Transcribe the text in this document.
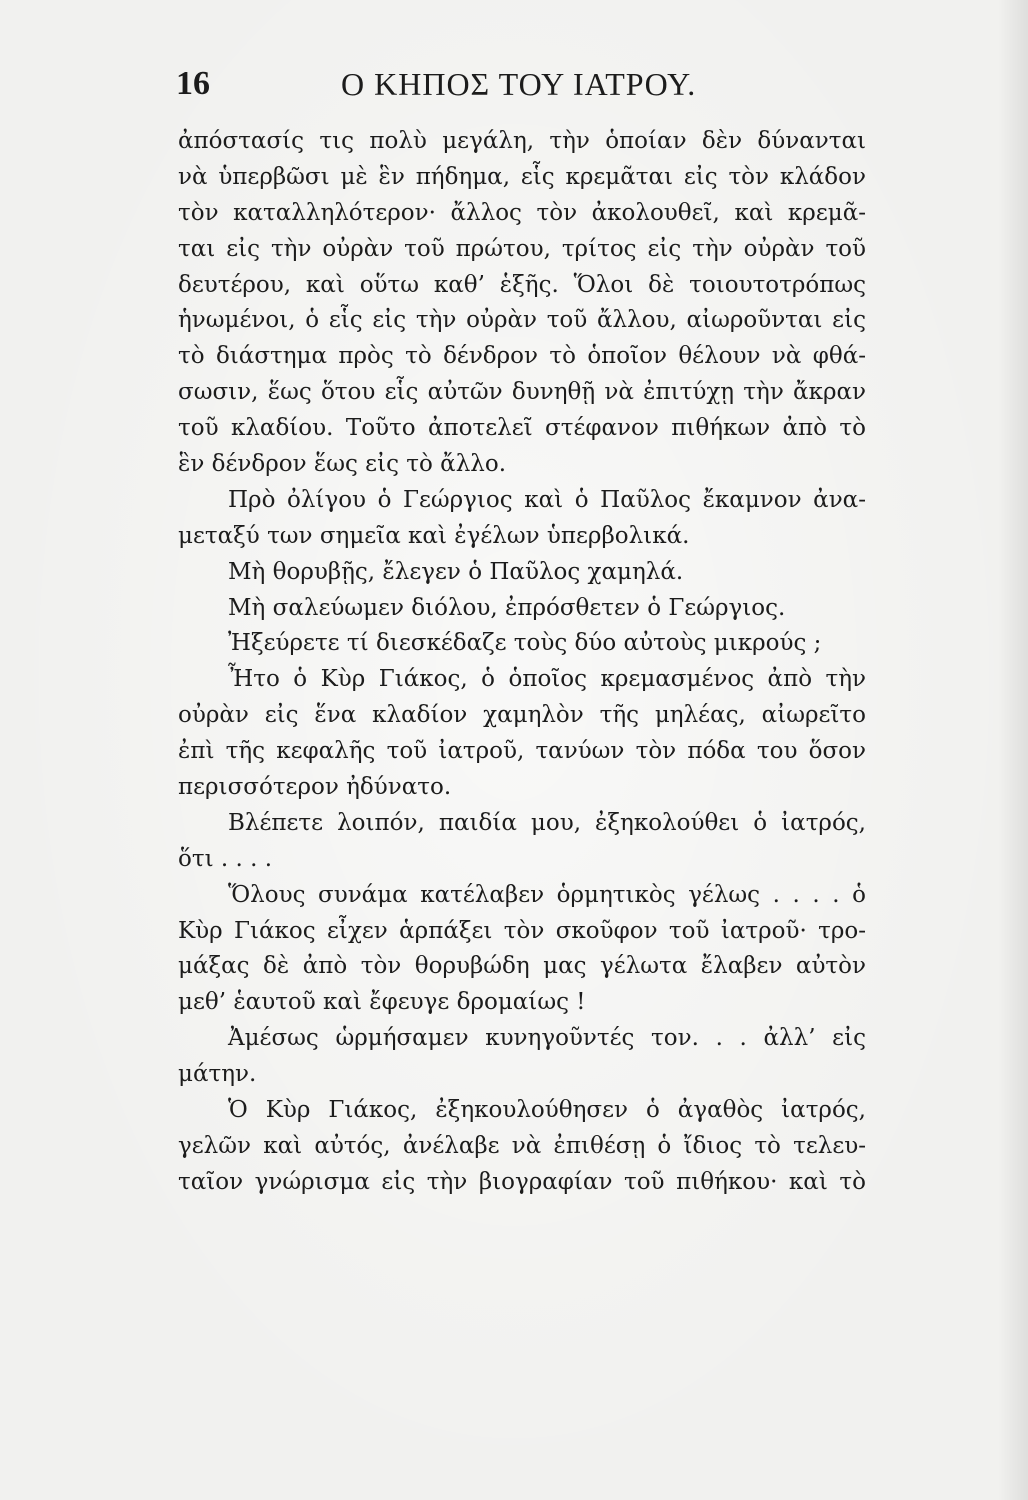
16	Ο ΚΗΠΟΣ ΤΟΥ ΙΑΤΡΟΥ.
ἀπόστασίς τις πολὺ μεγάλη, τὴν ὁποίαν δὲν δύνανται
νὰ ὑπερβῶσι μὲ ἓν πήδημα, εἷς κρεμᾶται εἰς τὸν κλάδον
τὸν καταλληλότερον· ἄλλος τὸν ἀκολουθεῖ, καὶ κρεμᾶ-
ται εἰς τὴν οὐρὰν τοῦ πρώτου, τρίτος εἰς τὴν οὐρὰν τοῦ
δευτέρου, καὶ οὕτω καθ’ ἑξῆς. Ὅλοι δὲ τοιουτοτρόπως
ἡνωμένοι, ὁ εἷς εἰς τὴν οὐρὰν τοῦ ἄλλου, αἰωροῦνται εἰς
τὸ διάστημα πρὸς τὸ δένδρον τὸ ὁποῖον θέλουν νὰ φθά-
σωσιν, ἕως ὅτου εἷς αὐτῶν δυνηθῇ νὰ ἐπιτύχῃ τὴν ἄκραν
τοῦ κλαδίου. Τοῦτο ἀποτελεῖ στέφανον πιθήκων ἀπὸ τὸ
ἓν δένδρον ἕως εἰς τὸ ἄλλο.
Πρὸ ὀλίγου ὁ Γεώργιος καὶ ὁ Παῦλος ἔκαμνον ἀνα-
μεταξύ των σημεῖα καὶ ἐγέλων ὑπερβολικά.
Μὴ θορυβῇς, ἔλεγεν ὁ Παῦλος χαμηλά.
Μὴ σαλεύωμεν διόλου, ἐπρόσθετεν ὁ Γεώργιος.
Ἠξεύρετε τί διεσκέδαζε τοὺς δύο αὐτοὺς μικρούς ;
Ἦτο ὁ Κὺρ Γιάκος, ὁ ὁποῖος κρεμασμένος ἀπὸ τὴν
οὐρὰν εἰς ἕνα κλαδίον χαμηλὸν τῆς μηλέας, αἰωρεῖτο
ἐπὶ τῆς κεφαλῆς τοῦ ἰατροῦ, τανύων τὸν πόδα του ὅσον
περισσότερον ἠδύνατο.
Βλέπετε λοιπόν, παιδία μου, ἐξηκολούθει ὁ ἰατρός,
ὅτι . . . .
Ὅλους συνάμα κατέλαβεν ὁρμητικὸς γέλως . . . . ὁ
Κὺρ Γιάκος εἶχεν ἁρπάξει τὸν σκοῦφον τοῦ ἰατροῦ· τρο-
μάξας δὲ ἀπὸ τὸν θορυβώδη μας γέλωτα ἔλαβεν αὐτὸν
μεθ’ ἑαυτοῦ καὶ ἔφευγε δρομαίως !
Ἀμέσως ὡρμήσαμεν κυνηγοῦντές τον. . . ἀλλ’ εἰς
μάτην.
Ὁ Κὺρ Γιάκος, ἐξηκουλούθησεν ὁ ἀγαθὸς ἰατρός,
γελῶν καὶ αὐτός, ἀνέλαβε νὰ ἐπιθέσῃ ὁ ἴδιος τὸ τελευ-
ταῖον γνώρισμα εἰς τὴν βιογραφίαν τοῦ πιθήκου· καὶ τὸ
